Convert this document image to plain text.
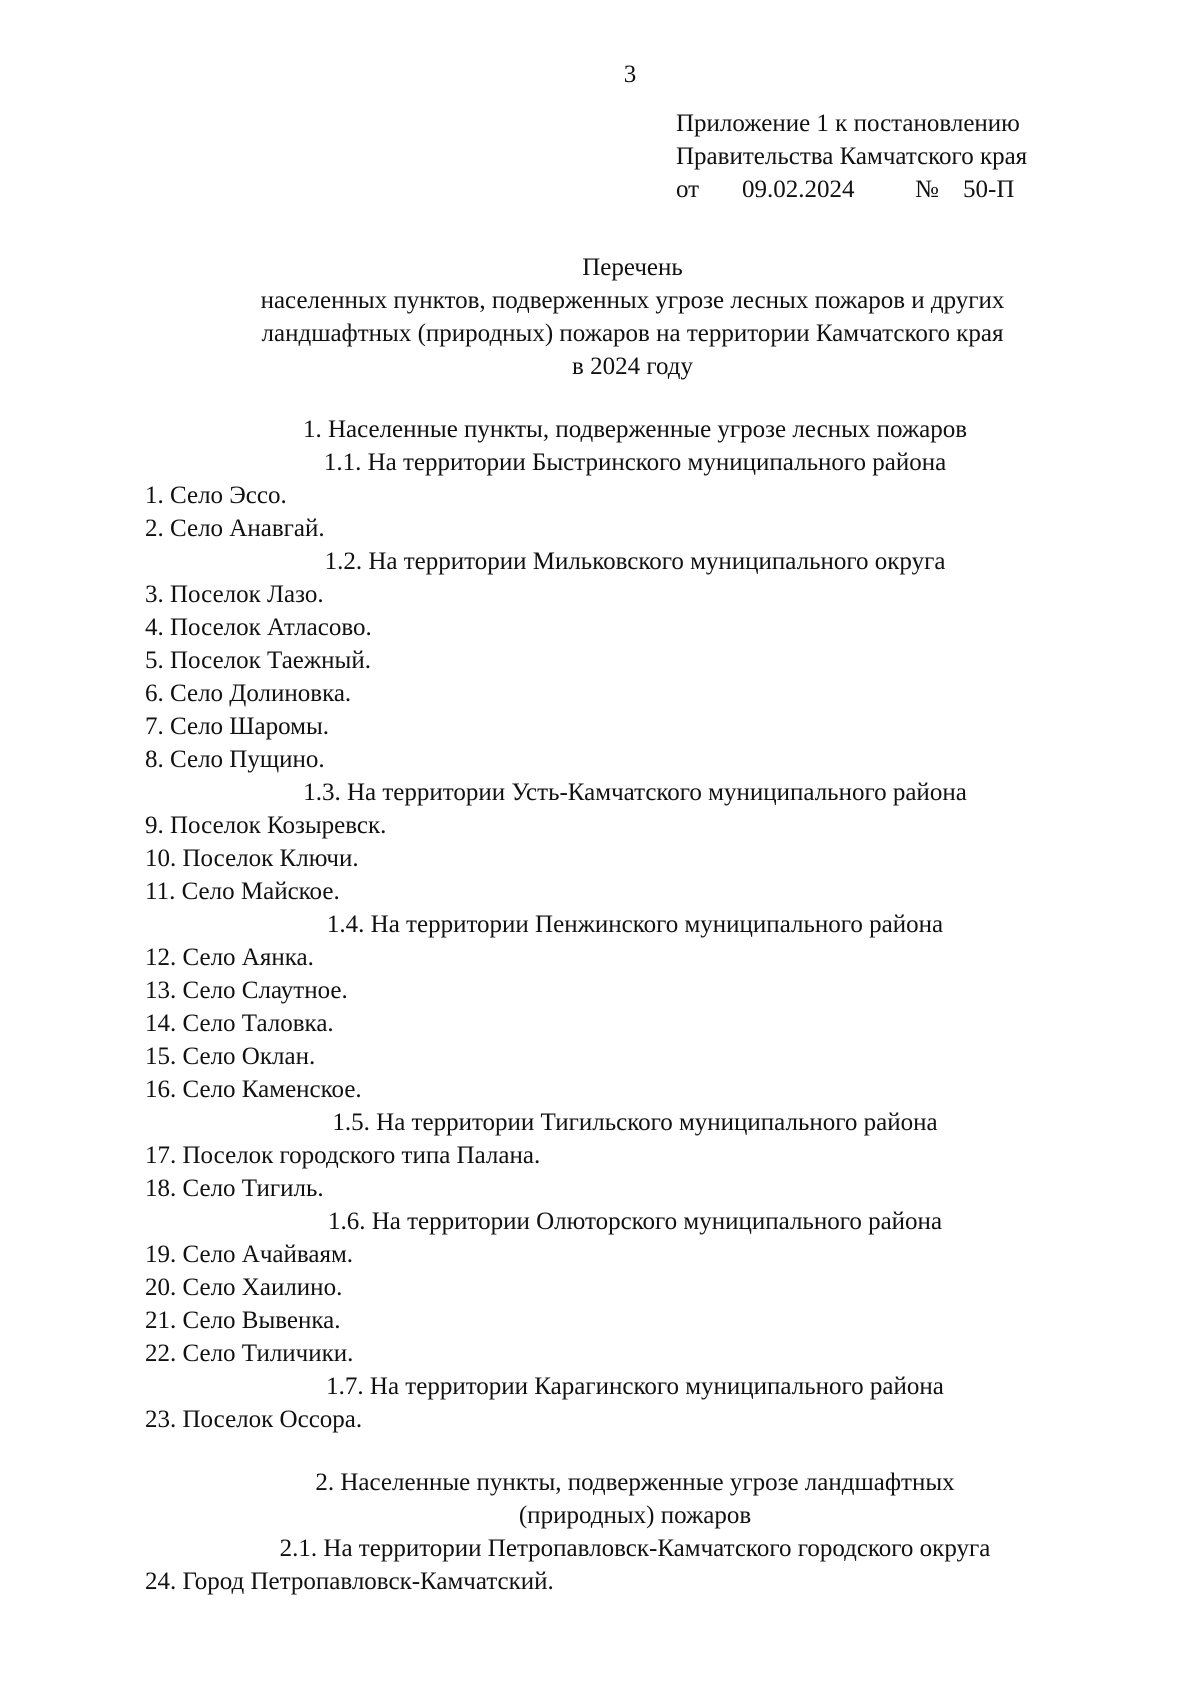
3
Приложение 1 к постановлению
Правительства Камчатского края
от 09.02.2024 № 50-П
Перечень
населенных пунктов, подверженных угрозе лесных пожаров и других
ландшафтных (природных) пожаров на территории Камчатского края
в 2024 году
1. Населенные пункты, подверженные угрозе лесных пожаров
1.1. На территории Быстринского муниципального района
1. Село Эссо.
2. Село Анавгай.
1.2. На территории Мильковского муниципального округа
3. Поселок Лазо.
4. Поселок Атласово.
5. Поселок Таежный.
6. Село Долиновка.
7. Село Шаромы.
8. Село Пущино.
1.3. На территории Усть-Камчатского муниципального района
9. Поселок Козыревск.
10. Поселок Ключи.
11. Село Майское.
1.4. На территории Пенжинского муниципального района
12. Село Аянка.
13. Село Слаутное.
14. Село Таловка.
15. Село Оклан.
16. Село Каменское.
1.5. На территории Тигильского муниципального района
17. Поселок городского типа Палана.
18. Село Тигиль.
1.6. На территории Олюторского муниципального района
19. Село Ачайваям.
20. Село Хаилино.
21. Село Вывенка.
22. Село Тиличики.
1.7. На территории Карагинского муниципального района
23. Поселок Оссора.
2. Населенные пункты, подверженные угрозе ландшафтных
(природных) пожаров
2.1. На территории Петропавловск-Камчатского городского округа
24. Город Петропавловск-Камчатский.
